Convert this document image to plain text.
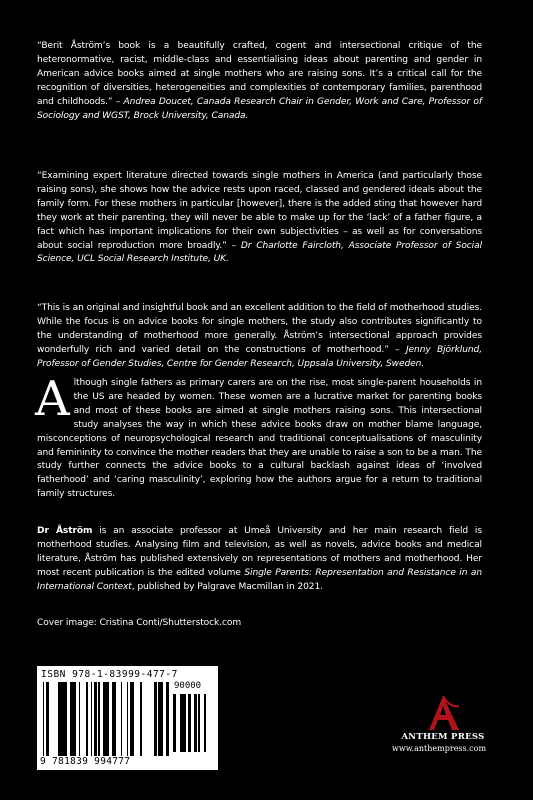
“Berit Åström’s book is a beautifully crafted, cogent and intersectional critique of the heteronormative, racist, middle-class and essentialising ideas about parenting and gender in American advice books aimed at single mothers who are raising sons. It’s a critical call for the recognition of diversities, heterogeneities and complexities of contemporary families, parenthood and childhoods.” – Andrea Doucet, Canada Research Chair in Gender, Work and Care, Professor of Sociology and WGST, Brock University, Canada.
“Examining expert literature directed towards single mothers in America (and particularly those raising sons), she shows how the advice rests upon raced, classed and gendered ideals about the family form. For these mothers in particular [however], there is the added sting that however hard they work at their parenting, they will never be able to make up for the ‘lack’ of a father figure, a fact which has important implications for their own subjectivities – as well as for conversations about social reproduction more broadly.” – Dr Charlotte Faircloth, Associate Professor of Social Science, UCL Social Research Institute, UK.
“This is an original and insightful book and an excellent addition to the field of motherhood studies. While the focus is on advice books for single mothers, the study also contributes significantly to the understanding of motherhood more generally. Åström’s intersectional approach provides wonderfully rich and varied detail on the constructions of motherhood.” – Jenny Björklund, Professor of Gender Studies, Centre for Gender Research, Uppsala University, Sweden.
Although single fathers as primary carers are on the rise, most single-parent households in the US are headed by women. These women are a lucrative market for parenting books and most of these books are aimed at single mothers raising sons. This intersectional study analyses the way in which these advice books draw on mother blame language, misconceptions of neuropsychological research and traditional conceptualisations of masculinity and femininity to convince the mother readers that they are unable to raise a son to be a man. The study further connects the advice books to a cultural backlash against ideas of ‘involved fatherhood’ and ‘caring masculinity’, exploring how the authors argue for a return to traditional family structures.
Dr Åström is an associate professor at Umeå University and her main research field is motherhood studies. Analysing film and television, as well as novels, advice books and medical literature, Åström has published extensively on representations of mothers and motherhood. Her most recent publication is the edited volume Single Parents: Representation and Resistance in an International Context, published by Palgrave Macmillan in 2021.
Cover image: Cristina Conti/Shutterstock.com
ISBN 978-1-83999-477-7
90000
9 781839 994777
ANTHEM PRESS
www.anthempress.com
